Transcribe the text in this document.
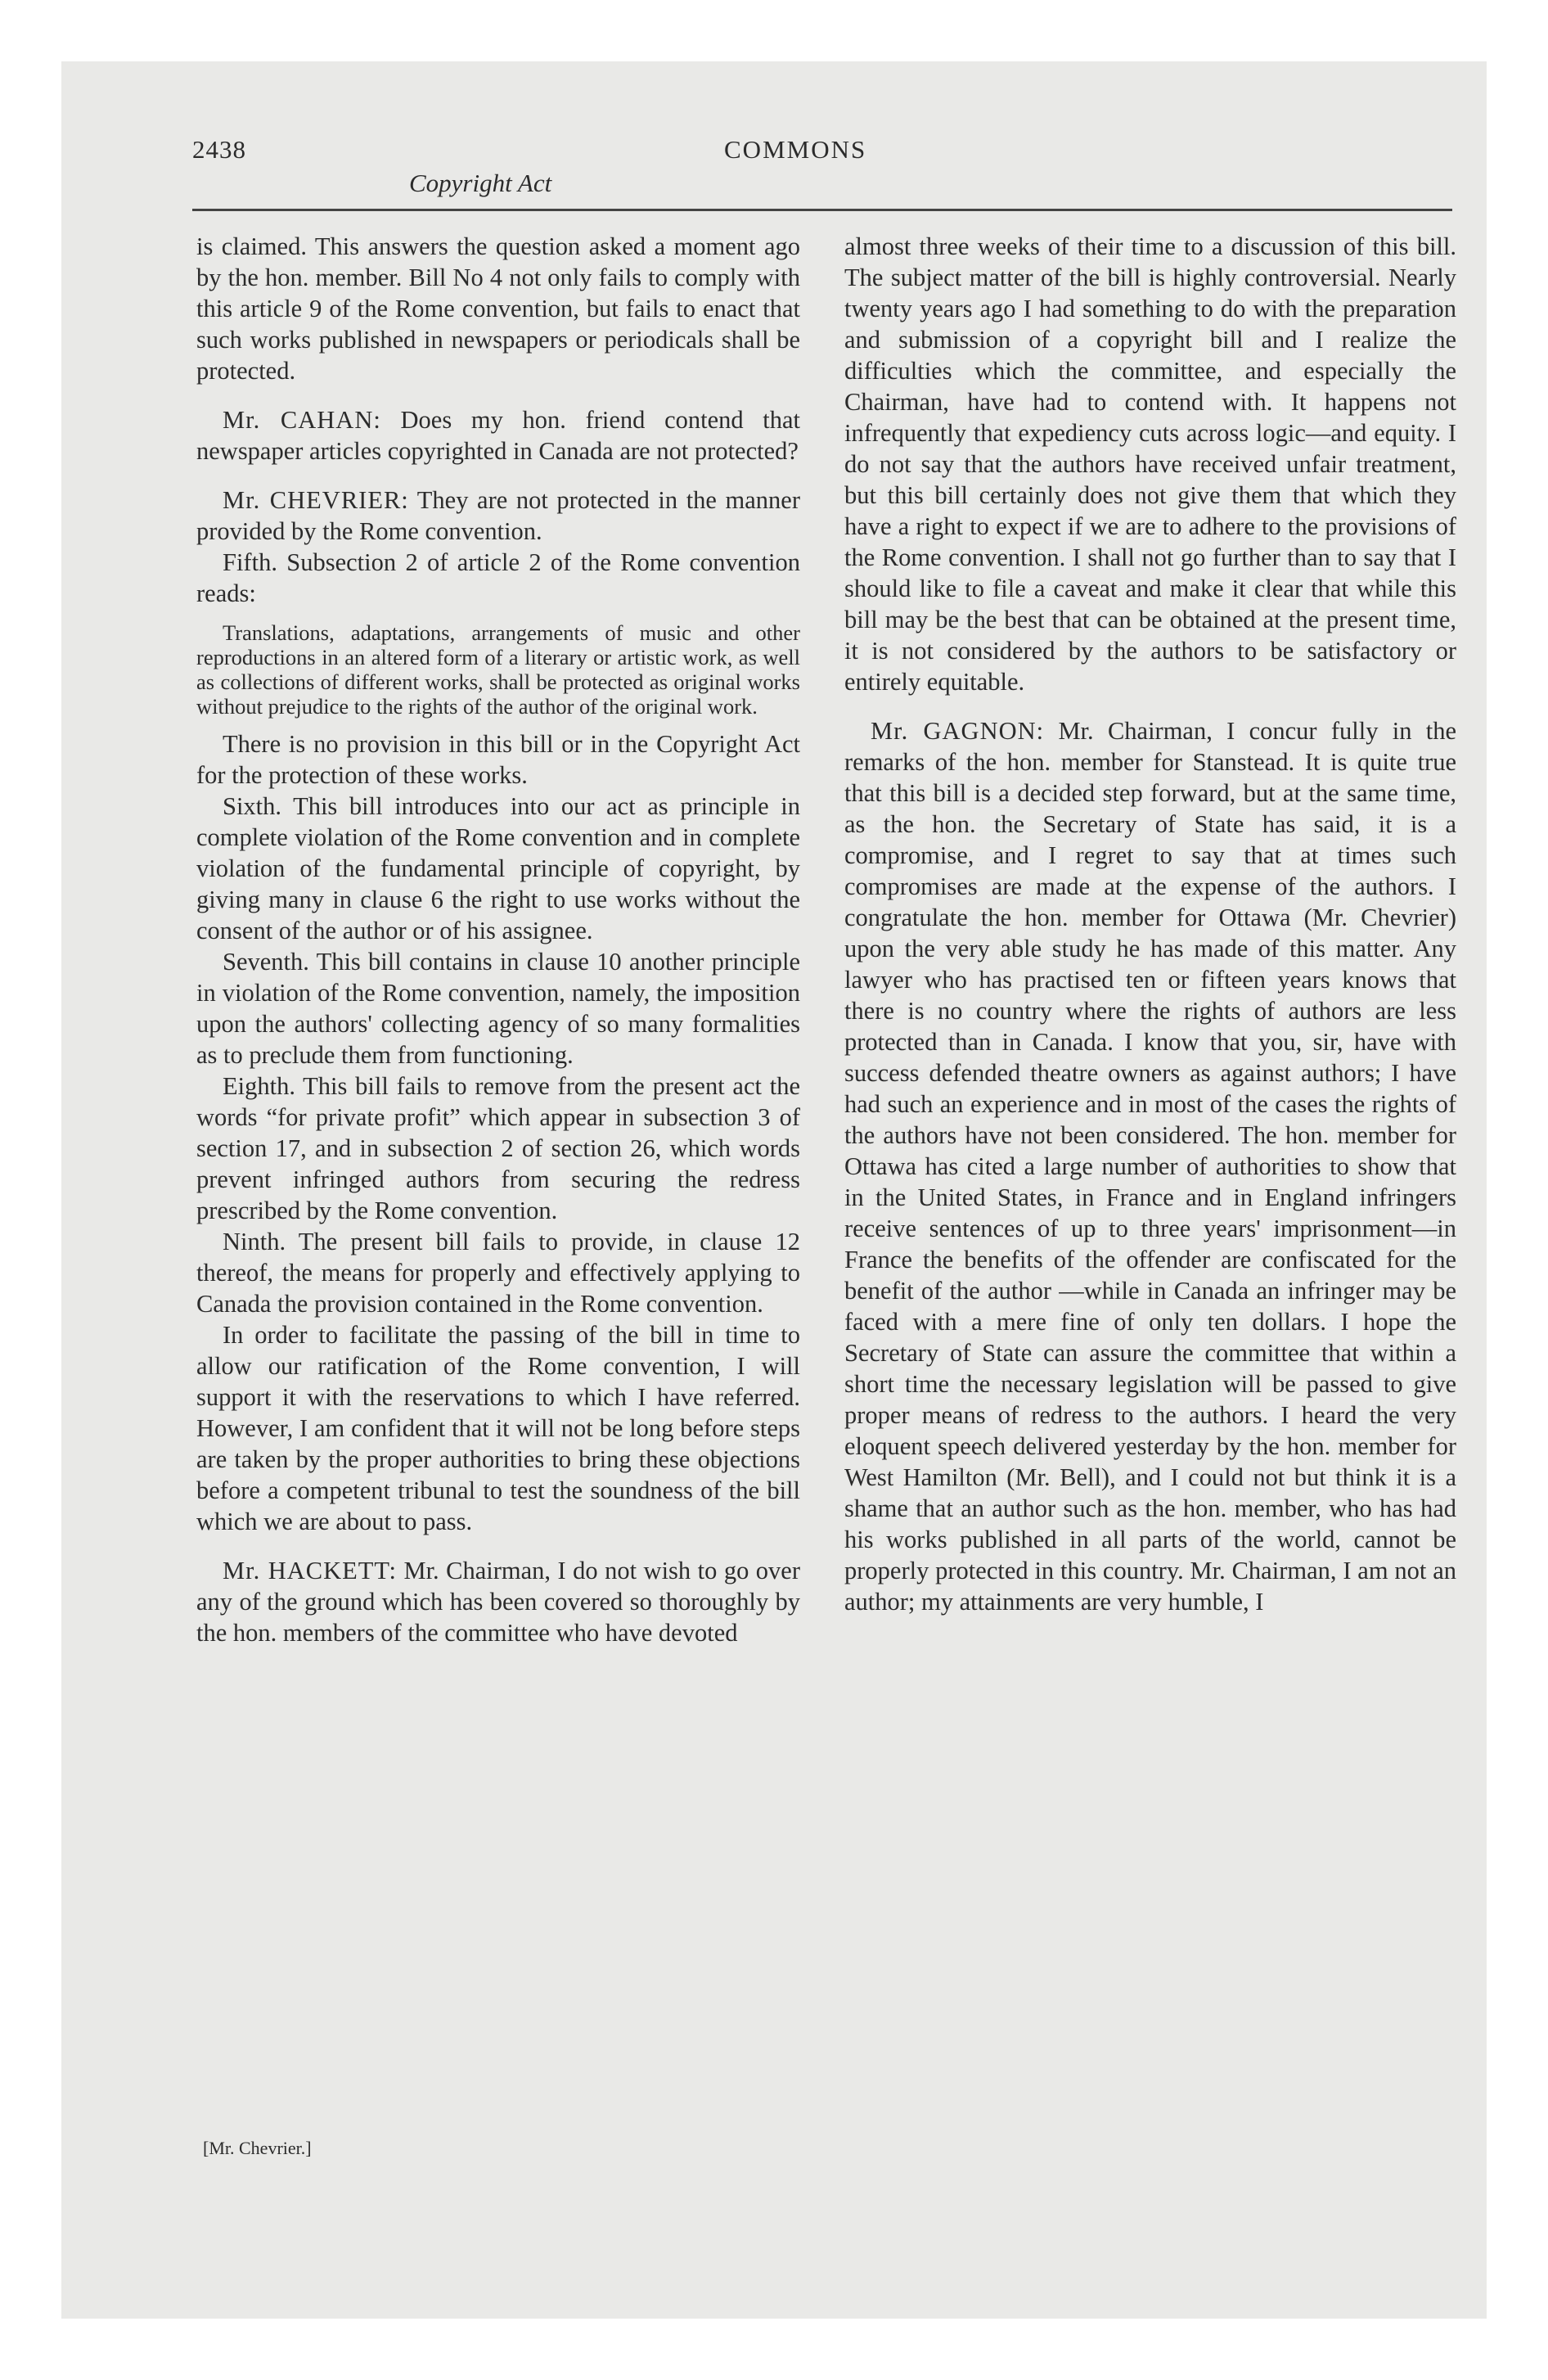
2438	COMMONS
Copyright Act

is claimed. This answers the question asked a moment ago by the hon. member. Bill No 4 not only fails to comply with this article 9 of the Rome convention, but fails to enact that such works published in newspapers or periodicals shall be protected.

Mr. CAHAN: Does my hon. friend contend that newspaper articles copyrighted in Canada are not protected?

Mr. CHEVRIER: They are not protected in the manner provided by the Rome convention.

Fifth. Subsection 2 of article 2 of the Rome convention reads:

Translations, adaptations, arrangements of music and other reproductions in an altered form of a literary or artistic work, as well as collections of different works, shall be protected as original works without prejudice to the rights of the author of the original work.

There is no provision in this bill or in the Copyright Act for the protection of these works.

Sixth. This bill introduces into our act as principle in complete violation of the Rome convention and in complete violation of the fundamental principle of copyright, by giving many in clause 6 the right to use works without the consent of the author or of his assignee.

Seventh. This bill contains in clause 10 another principle in violation of the Rome convention, namely, the imposition upon the authors' collecting agency of so many formalities as to preclude them from functioning.

Eighth. This bill fails to remove from the present act the words “for private profit” which appear in subsection 3 of section 17, and in subsection 2 of section 26, which words prevent infringed authors from securing the redress prescribed by the Rome convention.

Ninth. The present bill fails to provide, in clause 12 thereof, the means for properly and effectively applying to Canada the provision contained in the Rome convention.

In order to facilitate the passing of the bill in time to allow our ratification of the Rome convention, I will support it with the reservations to which I have referred. However, I am confident that it will not be long before steps are taken by the proper authorities to bring these objections before a competent tribunal to test the soundness of the bill which we are about to pass.

Mr. HACKETT: Mr. Chairman, I do not wish to go over any of the ground which has been covered so thoroughly by the hon. members of the committee who have devoted

almost three weeks of their time to a discussion of this bill. The subject matter of the bill is highly controversial. Nearly twenty years ago I had something to do with the preparation and submission of a copyright bill and I realize the difficulties which the committee, and especially the Chairman, have had to contend with. It happens not infrequently that expediency cuts across logic—and equity. I do not say that the authors have received unfair treatment, but this bill certainly does not give them that which they have a right to expect if we are to adhere to the provisions of the Rome convention. I shall not go further than to say that I should like to file a caveat and make it clear that while this bill may be the best that can be obtained at the present time, it is not considered by the authors to be satisfactory or entirely equitable.

Mr. GAGNON: Mr. Chairman, I concur fully in the remarks of the hon. member for Stanstead. It is quite true that this bill is a decided step forward, but at the same time, as the hon. the Secretary of State has said, it is a compromise, and I regret to say that at times such compromises are made at the expense of the authors. I congratulate the hon. member for Ottawa (Mr. Chevrier) upon the very able study he has made of this matter. Any lawyer who has practised ten or fifteen years knows that there is no country where the rights of authors are less protected than in Canada. I know that you, sir, have with success defended theatre owners as against authors; I have had such an experience and in most of the cases the rights of the authors have not been considered. The hon. member for Ottawa has cited a large number of authorities to show that in the United States, in France and in England infringers receive sentences of up to three years' imprisonment—in France the benefits of the offender are confiscated for the benefit of the author —while in Canada an infringer may be faced with a mere fine of only ten dollars. I hope the Secretary of State can assure the committee that within a short time the necessary legislation will be passed to give proper means of redress to the authors. I heard the very eloquent speech delivered yesterday by the hon. member for West Hamilton (Mr. Bell), and I could not but think it is a shame that an author such as the hon. member, who has had his works published in all parts of the world, cannot be properly protected in this country. Mr. Chairman, I am not an author; my attainments are very humble, I

[Mr. Chevrier.]
